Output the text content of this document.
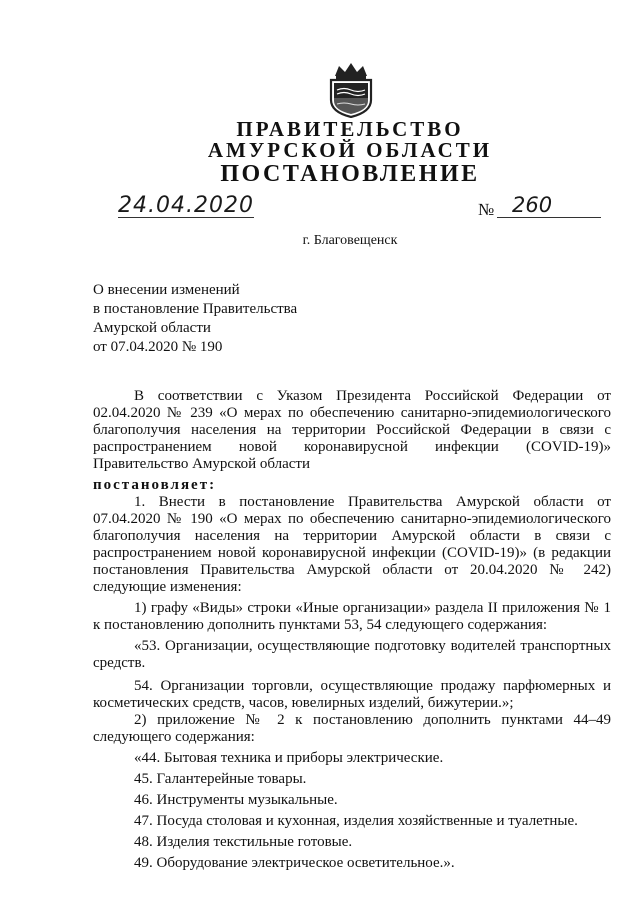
ПРАВИТЕЛЬСТВО
АМУРСКОЙ ОБЛАСТИ
ПОСТАНОВЛЕНИЕ
24.04.2020	№ 260
г. Благовещенск
О внесении изменений
в постановление Правительства
Амурской области
от 07.04.2020 № 190
В соответствии с Указом Президента Российской Федерации от 02.04.2020 № 239 «О мерах по обеспечению санитарно-эпидемиологического благополучия населения на территории Российской Федерации в связи с распространением новой коронавирусной инфекции (COVID-19)»
Правительство Амурской области
постановляет:
1. Внести в постановление Правительства Амурской области от 07.04.2020 № 190 «О мерах по обеспечению санитарно-эпидемиологического благополучия населения на территории Амурской области в связи с распространением новой коронавирусной инфекции (COVID-19)» (в редакции постановления Правительства Амурской области от 20.04.2020 № 242) следующие изменения:
1) графу «Виды» строки «Иные организации» раздела II приложения № 1 к постановлению дополнить пунктами 53, 54 следующего содержания:
«53. Организации, осуществляющие подготовку водителей транспортных средств.
54. Организации торговли, осуществляющие продажу парфюмерных и косметических средств, часов, ювелирных изделий, бижутерии.»;
2) приложение № 2 к постановлению дополнить пунктами 44–49 следующего содержания:
«44. Бытовая техника и приборы электрические.
45. Галантерейные товары.
46. Инструменты музыкальные.
47. Посуда столовая и кухонная, изделия хозяйственные и туалетные.
48. Изделия текстильные готовые.
49. Оборудование электрическое осветительное.».
